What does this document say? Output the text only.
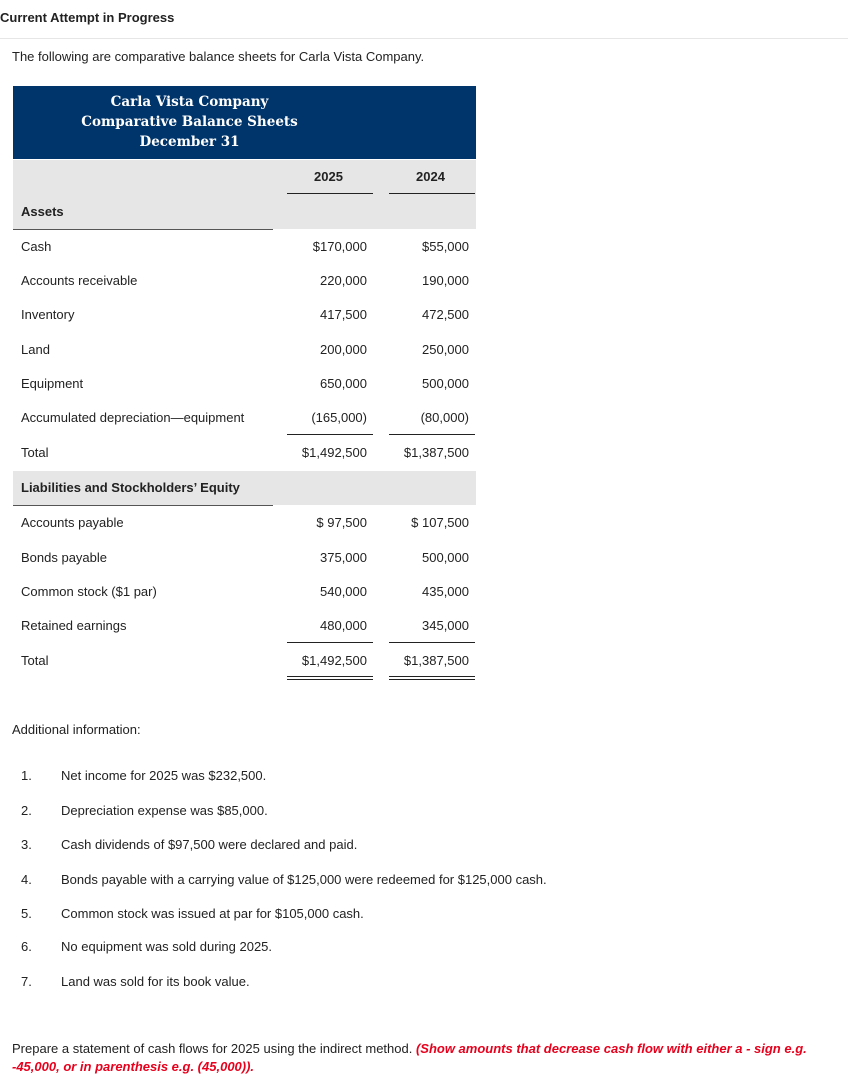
Current Attempt in Progress
The following are comparative balance sheets for Carla Vista Company.
Carla Vista Company
Comparative Balance Sheets
December 31
2025	2024
Assets
Cash	$170,000	$55,000
Accounts receivable	220,000	190,000
Inventory	417,500	472,500
Land	200,000	250,000
Equipment	650,000	500,000
Accumulated depreciation—equipment	(165,000)	(80,000)
Total	$1,492,500	$1,387,500
Liabilities and Stockholders’ Equity
Accounts payable	$ 97,500	$ 107,500
Bonds payable	375,000	500,000
Common stock ($1 par)	540,000	435,000
Retained earnings	480,000	345,000
Total	$1,492,500	$1,387,500
Additional information:
1. Net income for 2025 was $232,500.
2. Depreciation expense was $85,000.
3. Cash dividends of $97,500 were declared and paid.
4. Bonds payable with a carrying value of $125,000 were redeemed for $125,000 cash.
5. Common stock was issued at par for $105,000 cash.
6. No equipment was sold during 2025.
7. Land was sold for its book value.
Prepare a statement of cash flows for 2025 using the indirect method. (Show amounts that decrease cash flow with either a - sign e.g. -45,000, or in parenthesis e.g. (45,000)).
